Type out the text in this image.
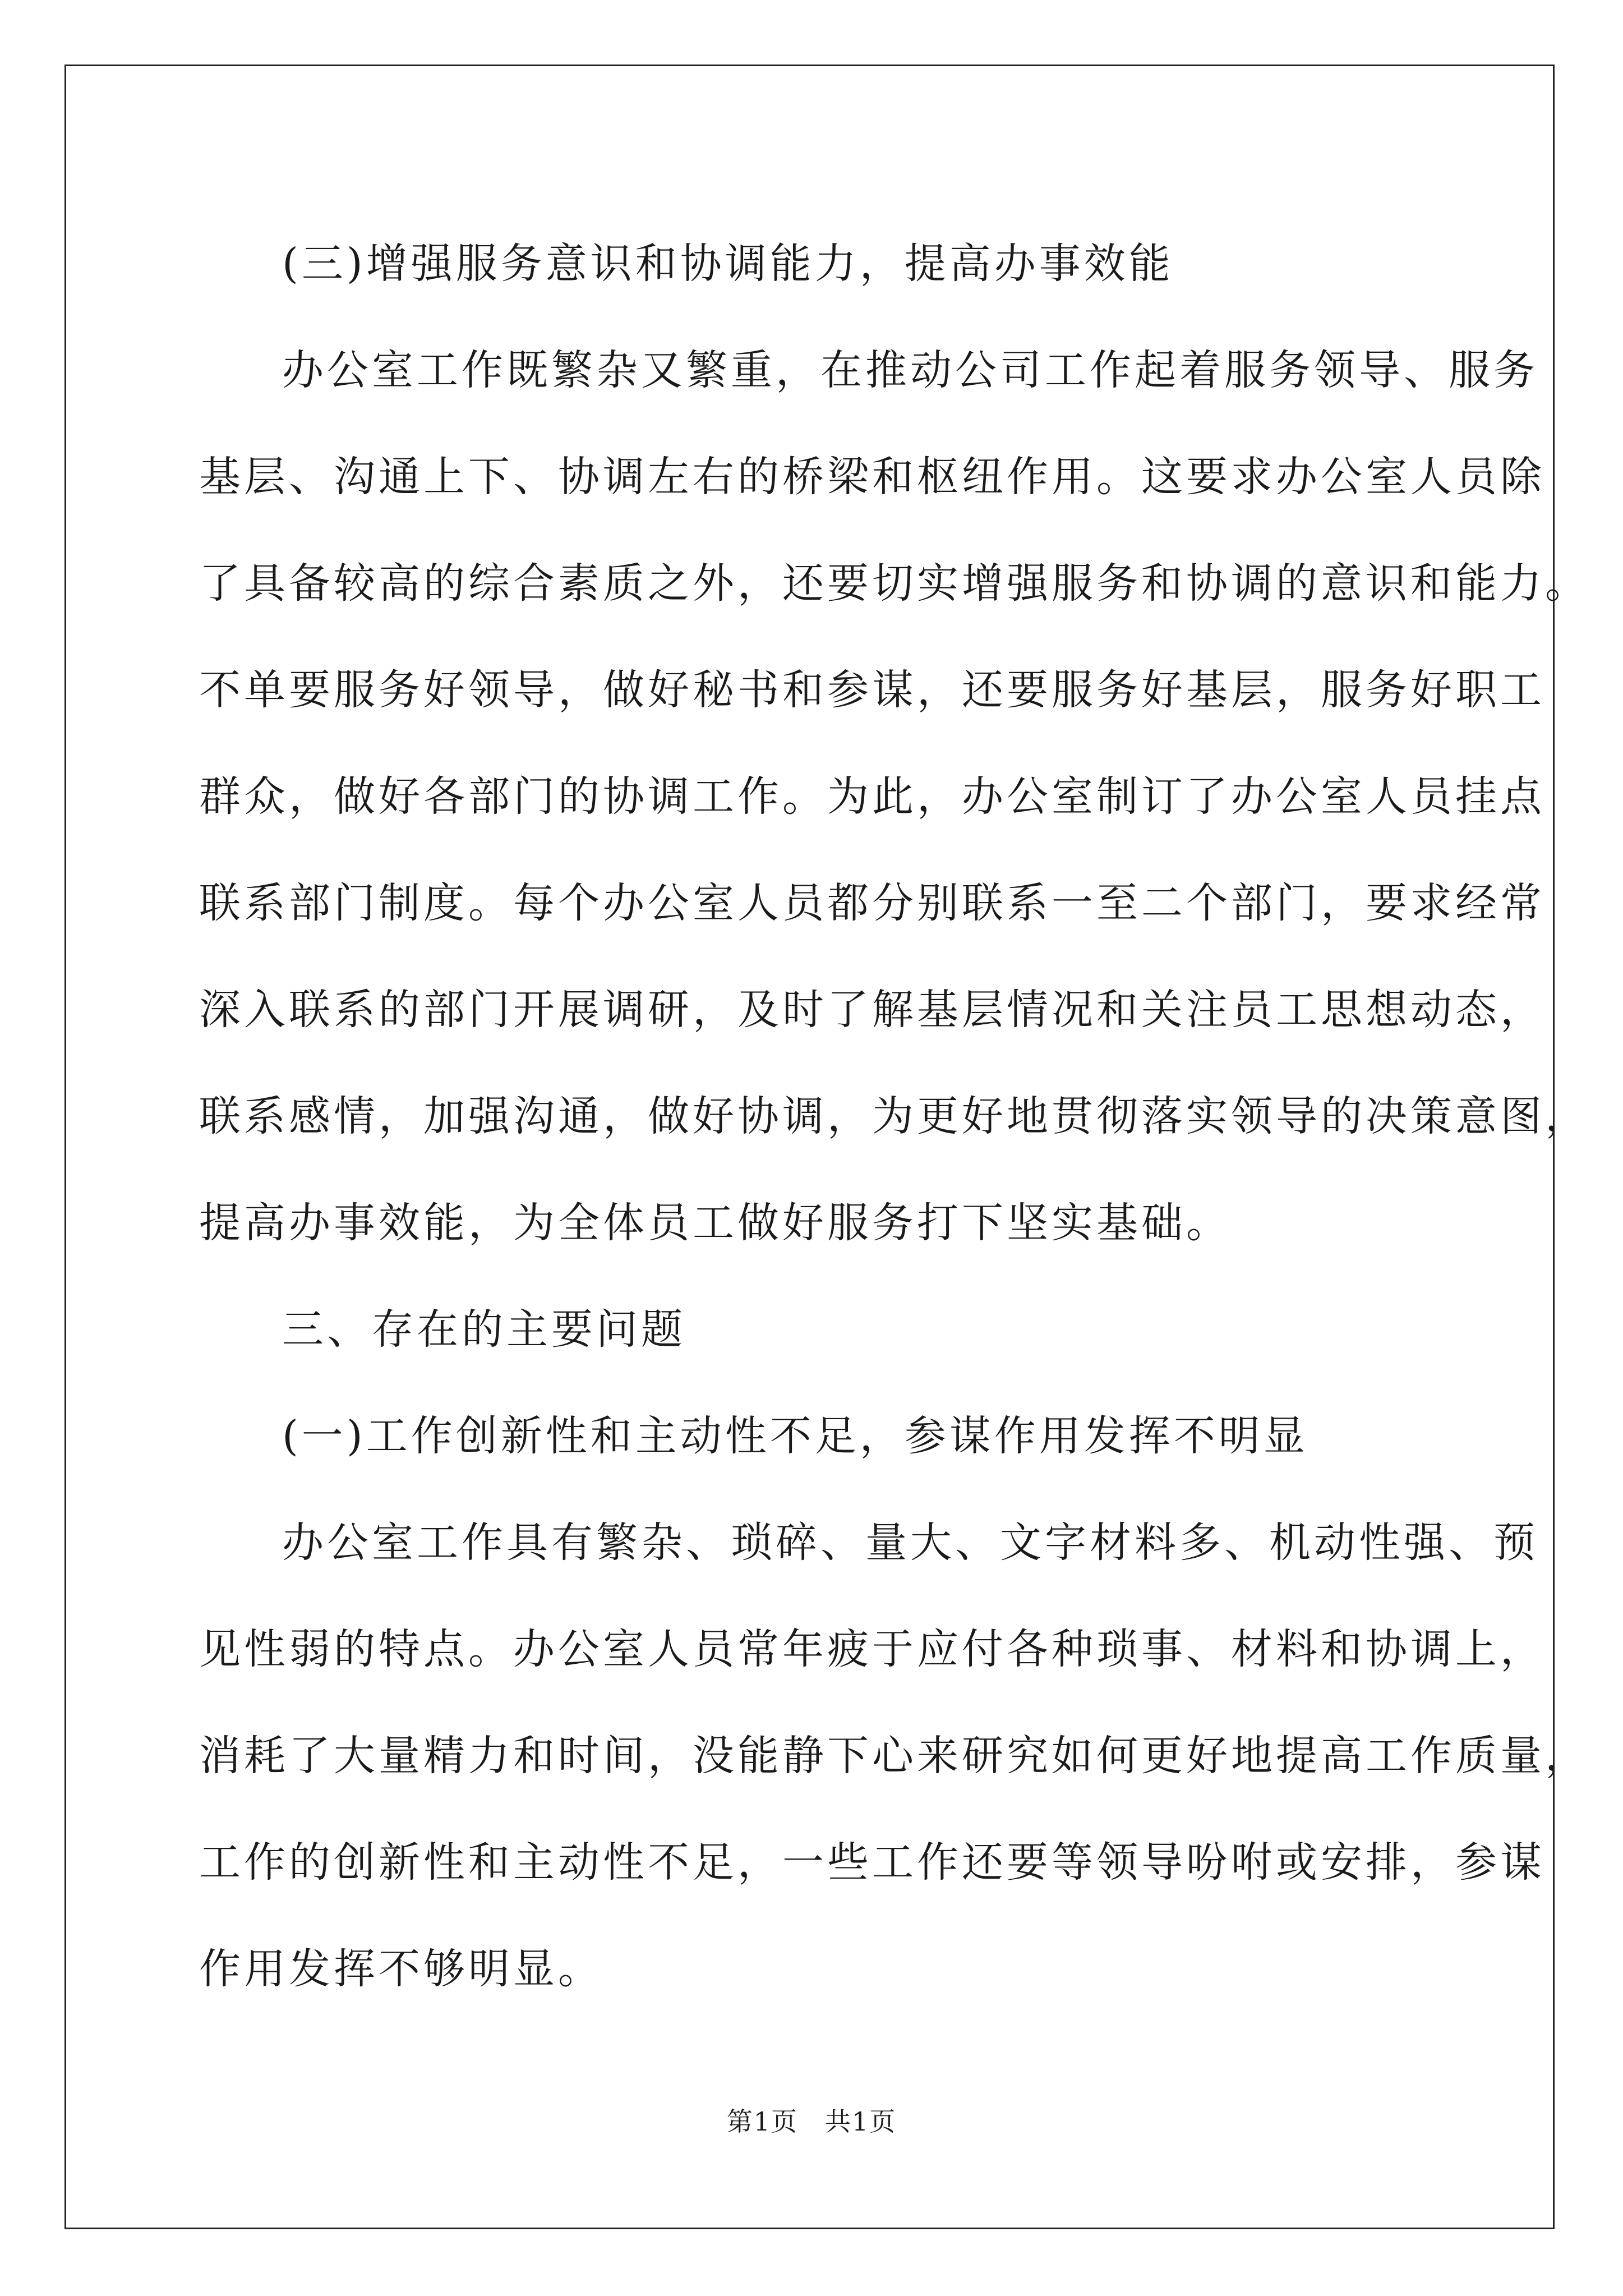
(三)增强服务意识和协调能力，提高办事效能
办公室工作既繁杂又繁重，在推动公司工作起着服务领导、服务
基层、沟通上下、协调左右的桥梁和枢纽作用。这要求办公室人员除
了具备较高的综合素质之外，还要切实增强服务和协调的意识和能力。
不单要服务好领导，做好秘书和参谋，还要服务好基层，服务好职工
群众，做好各部门的协调工作。为此，办公室制订了办公室人员挂点
联系部门制度。每个办公室人员都分别联系一至二个部门，要求经常
深入联系的部门开展调研，及时了解基层情况和关注员工思想动态，
联系感情，加强沟通，做好协调，为更好地贯彻落实领导的决策意图，
提高办事效能，为全体员工做好服务打下坚实基础。
三、存在的主要问题
(一)工作创新性和主动性不足，参谋作用发挥不明显
办公室工作具有繁杂、琐碎、量大、文字材料多、机动性强、预
见性弱的特点。办公室人员常年疲于应付各种琐事、材料和协调上，
消耗了大量精力和时间，没能静下心来研究如何更好地提高工作质量，
工作的创新性和主动性不足，一些工作还要等领导吩咐或安排，参谋
作用发挥不够明显。
第1页　共1页
